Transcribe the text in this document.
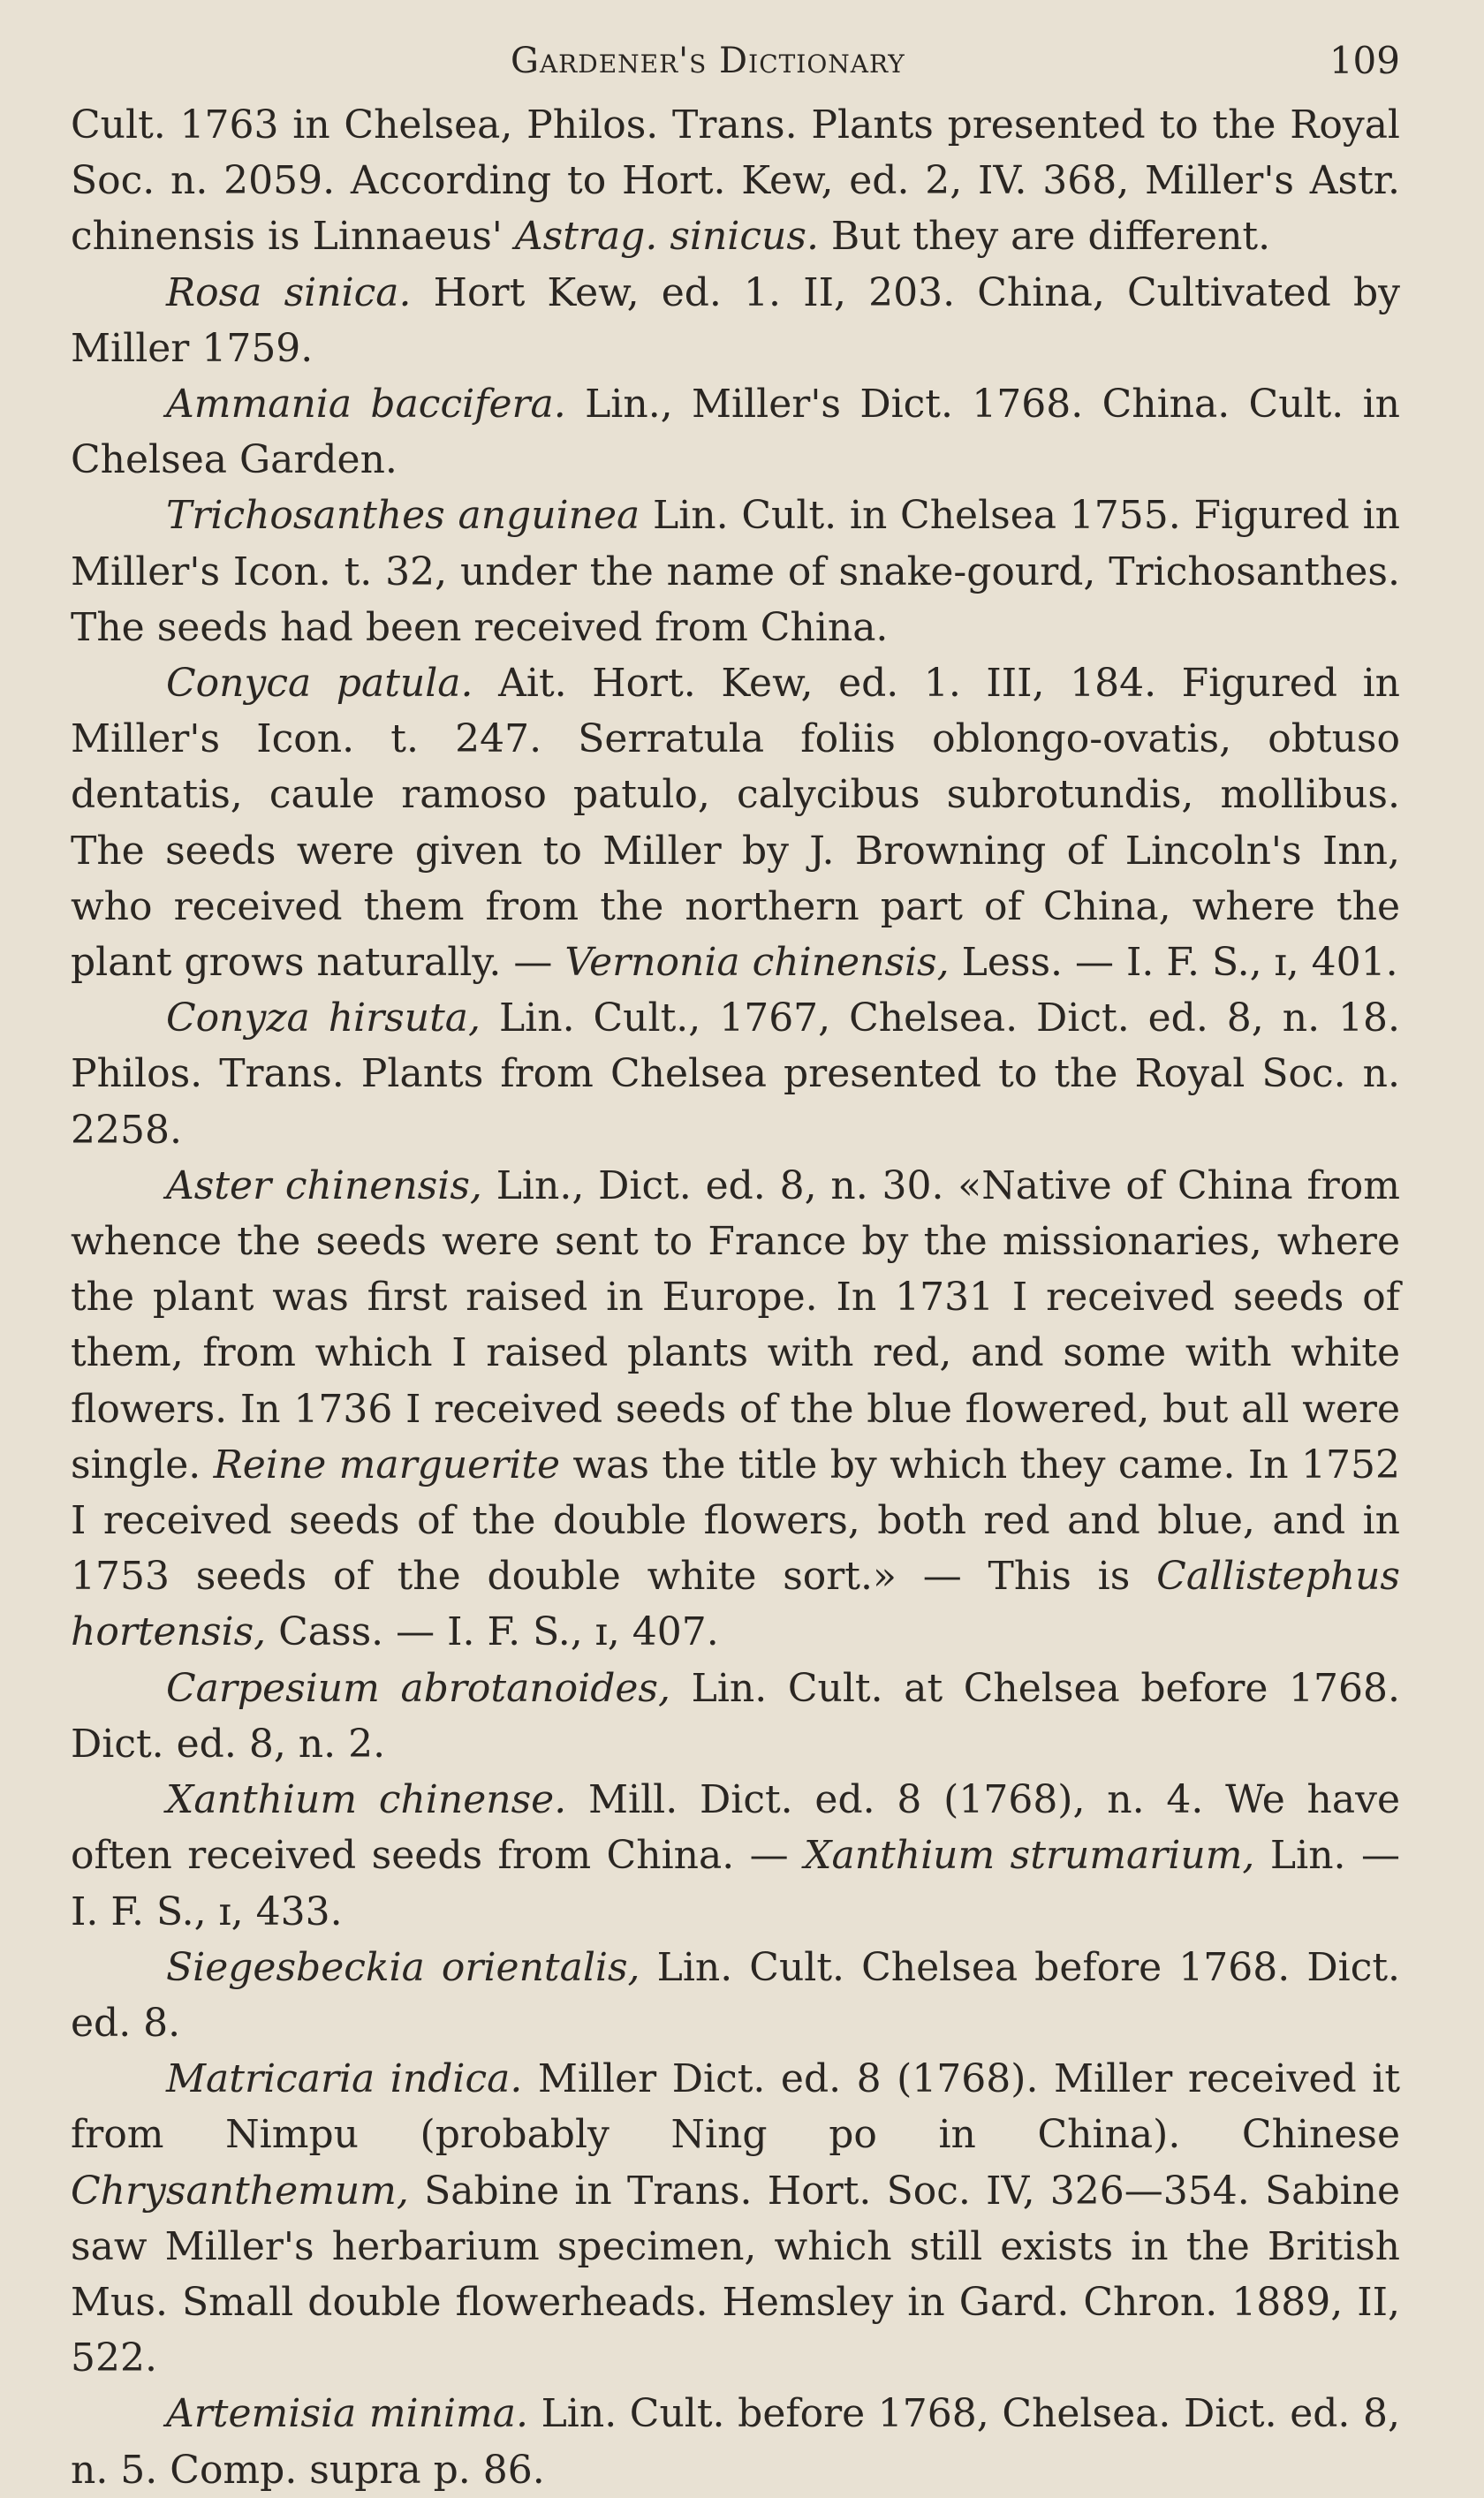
Gardener's Dictionary	109

Cult. 1763 in Chelsea, Philos. Trans. Plants presented to the Royal Soc. n. 2059. According to Hort. Kew, ed. 2, IV. 368, Miller's Astr. chinensis is Linnaeus' Astrag. sinicus. But they are different.

Rosa sinica. Hort Kew, ed. 1. II, 203. China, Cultivated by Miller 1759.

Ammania baccifera. Lin., Miller's Dict. 1768. China. Cult. in Chelsea Garden.

Trichosanthes anguinea Lin. Cult. in Chelsea 1755. Figured in Miller's Icon. t. 32, under the name of snake-gourd, Trichosanthes. The seeds had been received from China.

Conyca patula. Ait. Hort. Kew, ed. 1. III, 184. Figured in Miller's Icon. t. 247. Serratula foliis oblongo-ovatis, obtuso dentatis, caule ramoso patulo, calycibus subrotundis, mollibus. The seeds were given to Miller by J. Browning of Lincoln's Inn, who received them from the northern part of China, where the plant grows naturally. — Vernonia chinensis, Less. — I. F. S., ɪ, 401.

Conyza hirsuta, Lin. Cult., 1767, Chelsea. Dict. ed. 8, n. 18. Philos. Trans. Plants from Chelsea presented to the Royal Soc. n. 2258.

Aster chinensis, Lin., Dict. ed. 8, n. 30. «Native of China from whence the seeds were sent to France by the missionaries, where the plant was first raised in Europe. In 1731 I received seeds of them, from which I raised plants with red, and some with white flowers. In 1736 I received seeds of the blue flowered, but all were single. Reine marguerite was the title by which they came. In 1752 I received seeds of the double flowers, both red and blue, and in 1753 seeds of the double white sort.» — This is Callistephus hortensis, Cass. — I. F. S., ɪ, 407.

Carpesium abrotanoides, Lin. Cult. at Chelsea before 1768. Dict. ed. 8, n. 2.

Xanthium chinense. Mill. Dict. ed. 8 (1768), n. 4. We have often received seeds from China. — Xanthium strumarium, Lin. — I. F. S., ɪ, 433.

Siegesbeckia orientalis, Lin. Cult. Chelsea before 1768. Dict. ed. 8.

Matricaria indica. Miller Dict. ed. 8 (1768). Miller received it from Nimpu (probably Ning po in China). Chinese Chrysanthemum, Sabine in Trans. Hort. Soc. IV, 326—354. Sabine saw Miller's herbarium specimen, which still exists in the British Mus. Small double flowerheads. Hemsley in Gard. Chron. 1889, II, 522.

Artemisia minima. Lin. Cult. before 1768, Chelsea. Dict. ed. 8, n. 5. Comp. supra p. 86.
